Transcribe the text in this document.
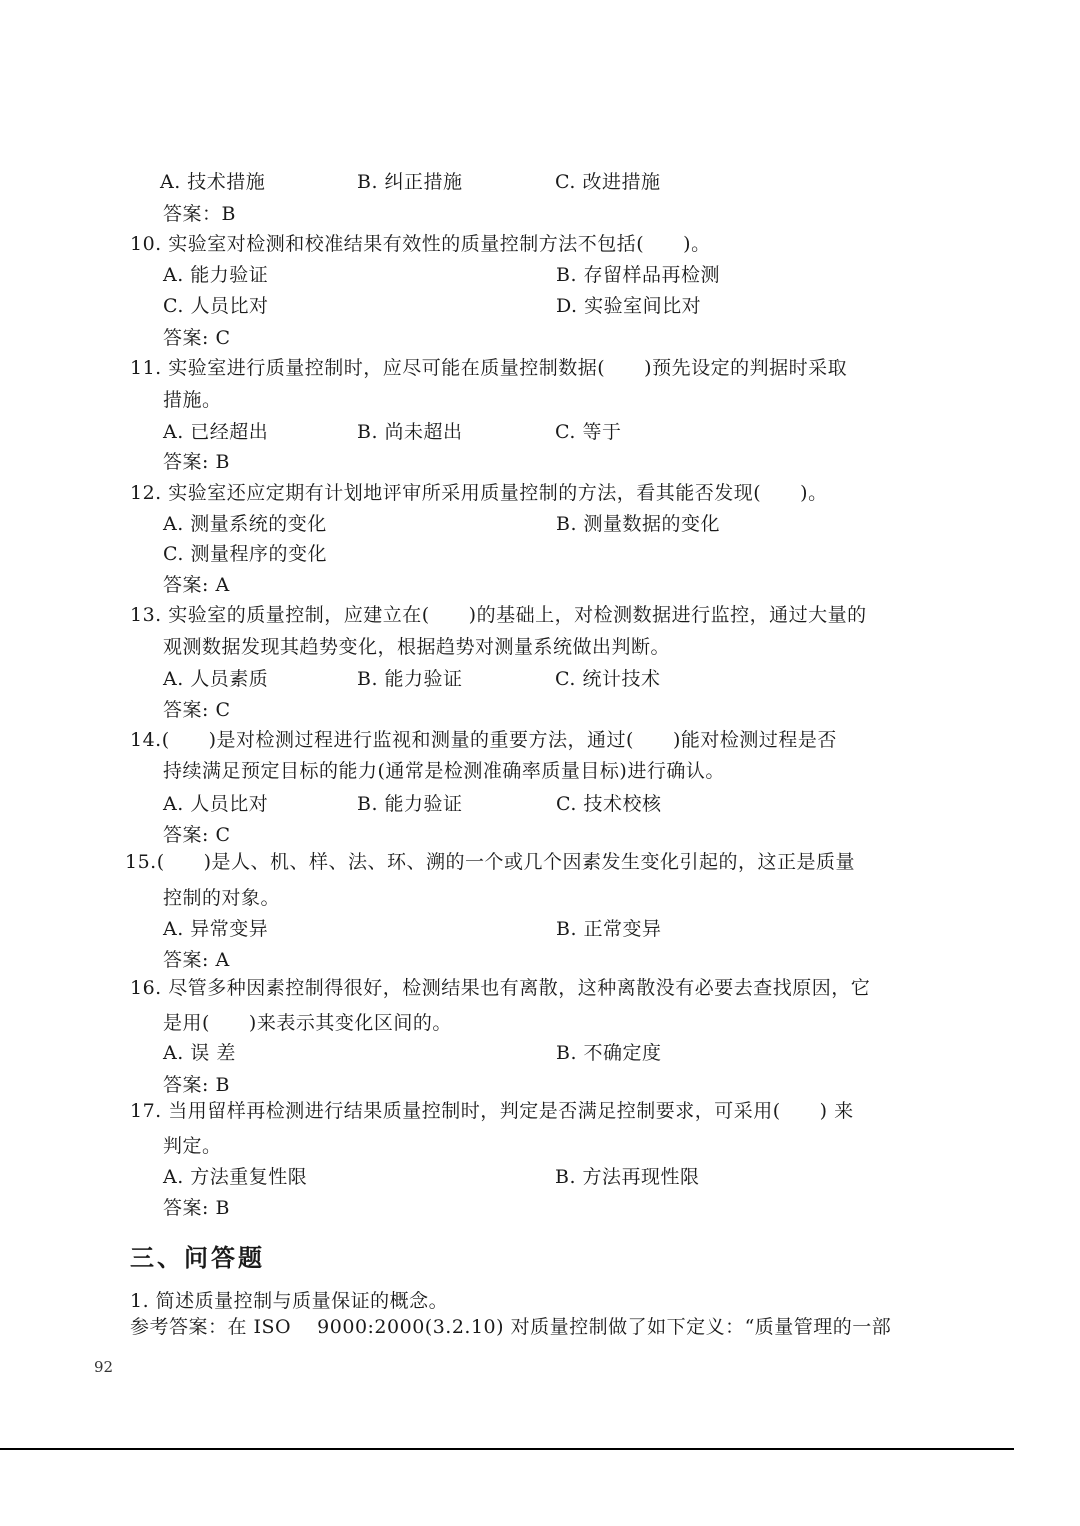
A. 技术措施	B. 纠正措施	C. 改进措施
答案：B
10. 实验室对检测和校准结果有效性的质量控制方法不包括(　　)。
A. 能力验证	B. 存留样品再检测
C. 人员比对	D. 实验室间比对
答案: C
11. 实验室进行质量控制时，应尽可能在质量控制数据(　　)预先设定的判据时采取
措施。
A. 已经超出	B. 尚未超出	C. 等于
答案: B
12. 实验室还应定期有计划地评审所采用质量控制的方法，看其能否发现(　　)。
A. 测量系统的变化	B. 测量数据的变化
C. 测量程序的变化
答案: A
13. 实验室的质量控制，应建立在(　　)的基础上，对检测数据进行监控，通过大量的
观测数据发现其趋势变化，根据趋势对测量系统做出判断。
A. 人员素质	B. 能力验证	C. 统计技术
答案: C
14.(　　)是对检测过程进行监视和测量的重要方法，通过(　　)能对检测过程是否
持续满足预定目标的能力(通常是检测准确率质量目标)进行确认。
A. 人员比对	B. 能力验证	C. 技术校核
答案: C
15.(　　)是人、机、样、法、环、溯的一个或几个因素发生变化引起的，这正是质量
控制的对象。
A. 异常变异	B. 正常变异
答案: A
16. 尽管多种因素控制得很好，检测结果也有离散，这种离散没有必要去查找原因，它
是用(　　)来表示其变化区间的。
A. 误 差	B. 不确定度
答案: B
17. 当用留样再检测进行结果质量控制时，判定是否满足控制要求，可采用(　　) 来
判定。
A. 方法重复性限	B. 方法再现性限
答案: B
三、问答题
1. 简述质量控制与质量保证的概念。
参考答案：在 ISO　 9000:2000(3.2.10) 对质量控制做了如下定义：“质量管理的一部
92
